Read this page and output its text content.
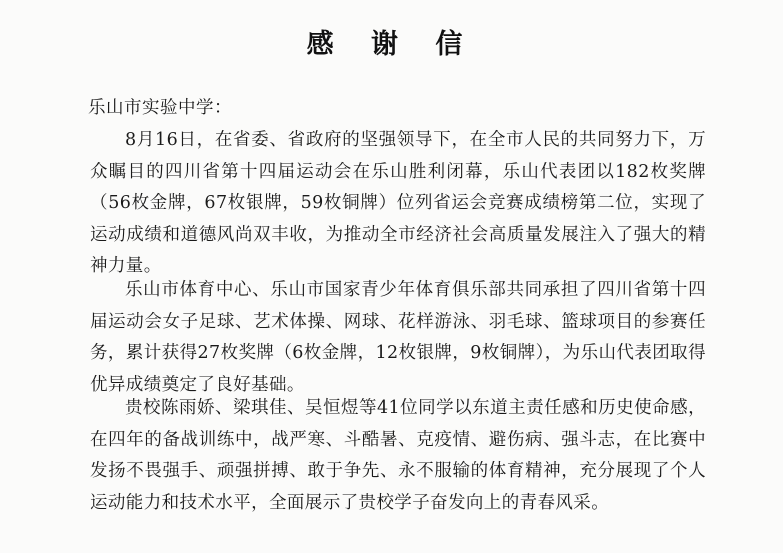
感 谢 信
乐山市实验中学：

8月16日，在省委、省政府的坚强领导下，在全市人民的共同努力下，万众瞩目的四川省第十四届运动会在乐山胜利闭幕，乐山代表团以182枚奖牌（56枚金牌，67枚银牌，59枚铜牌）位列省运会竞赛成绩榜第二位，实现了运动成绩和道德风尚双丰收，为推动全市经济社会高质量发展注入了强大的精神力量。

乐山市体育中心、乐山市国家青少年体育俱乐部共同承担了四川省第十四届运动会女子足球、艺术体操、网球、花样游泳、羽毛球、篮球项目的参赛任务，累计获得27枚奖牌（6枚金牌，12枚银牌，9枚铜牌），为乐山代表团取得优异成绩奠定了良好基础。

贵校陈雨娇、梁琪佳、吴恒煜等41位同学以东道主责任感和历史使命感，在四年的备战训练中，战严寒、斗酷暑、克疫情、避伤病、强斗志，在比赛中发扬不畏强手、顽强拼搏、敢于争先、永不服输的体育精神，充分展现了个人运动能力和技术水平，全面展示了贵校学子奋发向上的青春风采。
